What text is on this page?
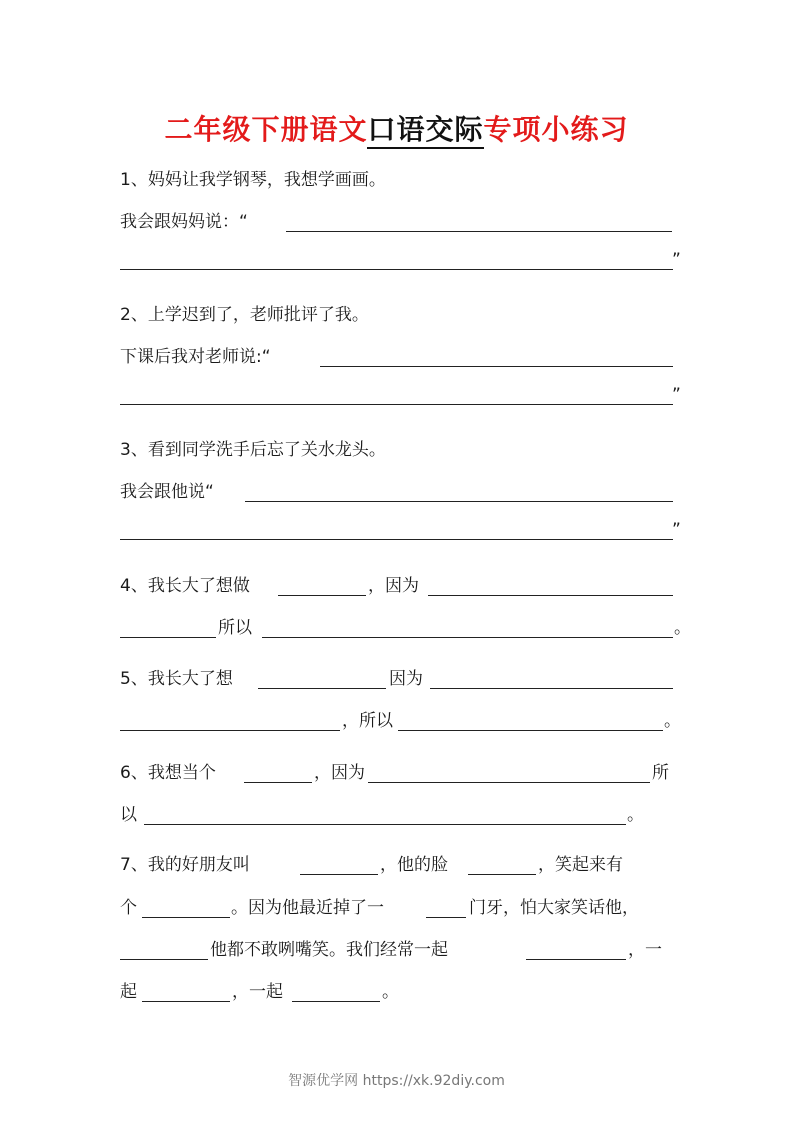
二年级下册语文口语交际专项小练习
1、妈妈让我学钢琴，我想学画画。
我会跟妈妈说：“
”
2、上学迟到了，老师批评了我。
下课后我对老师说:“
”
3、看到同学洗手后忘了关水龙头。
我会跟他说“
”
4、我长大了想做	，因为
所以	。
5、我长大了想	因为
，所以	。
6、我想当个	，因为	所
以	。
7、我的好朋友叫	，他的脸	，笑起来有
个	。因为他最近掉了一	门牙，怕大家笑话他，
他都不敢咧嘴笑。我们经常一起	，一
起	，一起	。
智源优学网 https://xk.92diy.com
